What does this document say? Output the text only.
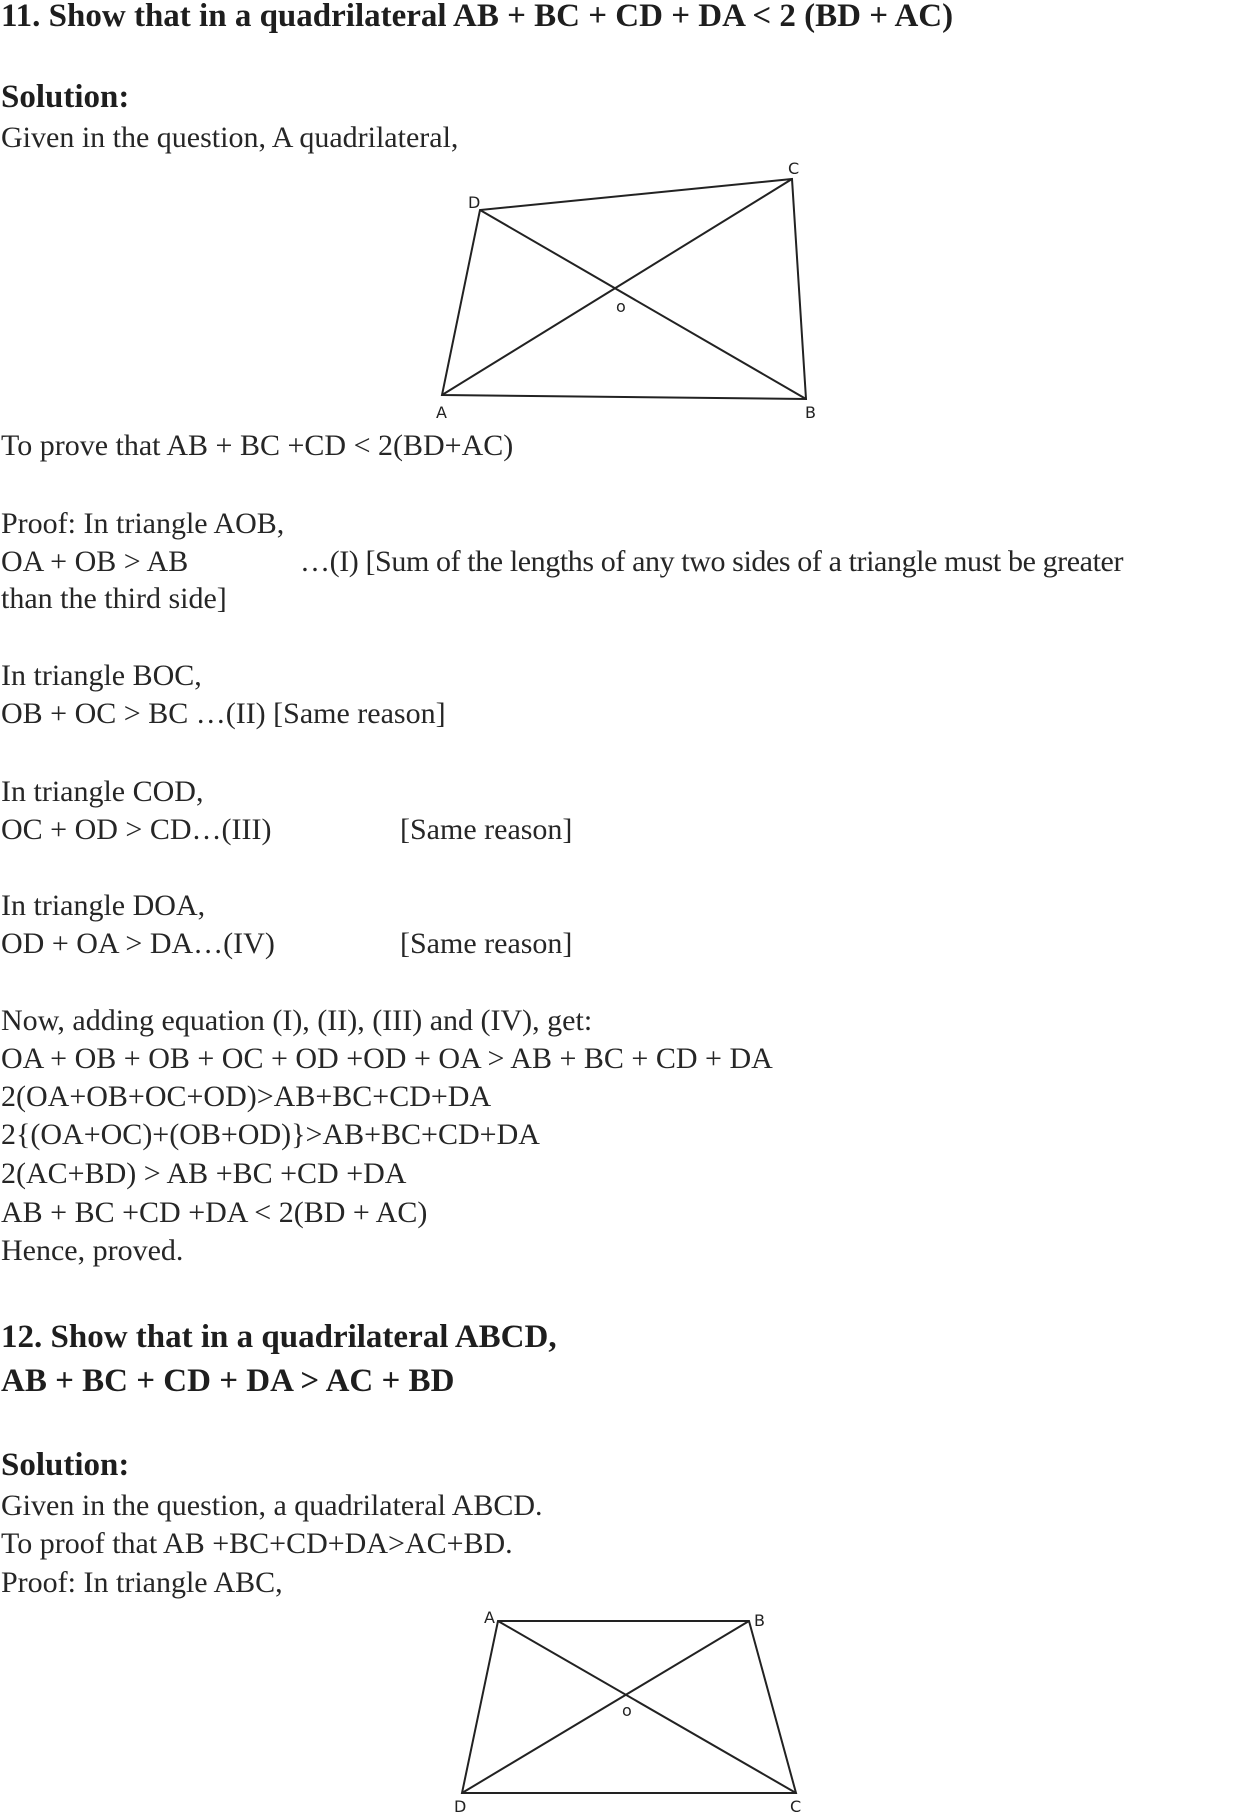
11. Show that in a quadrilateral AB + BC + CD + DA < 2 (BD + AC)
Solution:
Given in the question, A quadrilateral,
A	B
C
D
o
A	B
C
D
o
To prove that AB + BC +CD < 2(BD+AC)
Proof: In triangle AOB,
OA + OB > AB	…(I) [Sum of the lengths of any two sides of a triangle must be greater
than the third side]
In triangle BOC,
OB + OC > BC …(II) [Same reason]
In triangle COD,
OC + OD > CD…(III)	[Same reason]
In triangle DOA,
OD + OA > DA…(IV)	[Same reason]
Now, adding equation (I), (II), (III) and (IV), get:
OA + OB + OB + OC + OD +OD + OA > AB + BC + CD + DA
2(OA+OB+OC+OD)>AB+BC+CD+DA
2{(OA+OC)+(OB+OD)}>AB+BC+CD+DA
2(AC+BD) > AB +BC +CD +DA
AB + BC +CD +DA < 2(BD + AC)
Hence, proved.
12. Show that in a quadrilateral ABCD,
AB + BC + CD + DA > AC + BD
Solution:
Given in the question, a quadrilateral ABCD.
To proof that AB +BC+CD+DA>AC+BD.
Proof: In triangle ABC,
